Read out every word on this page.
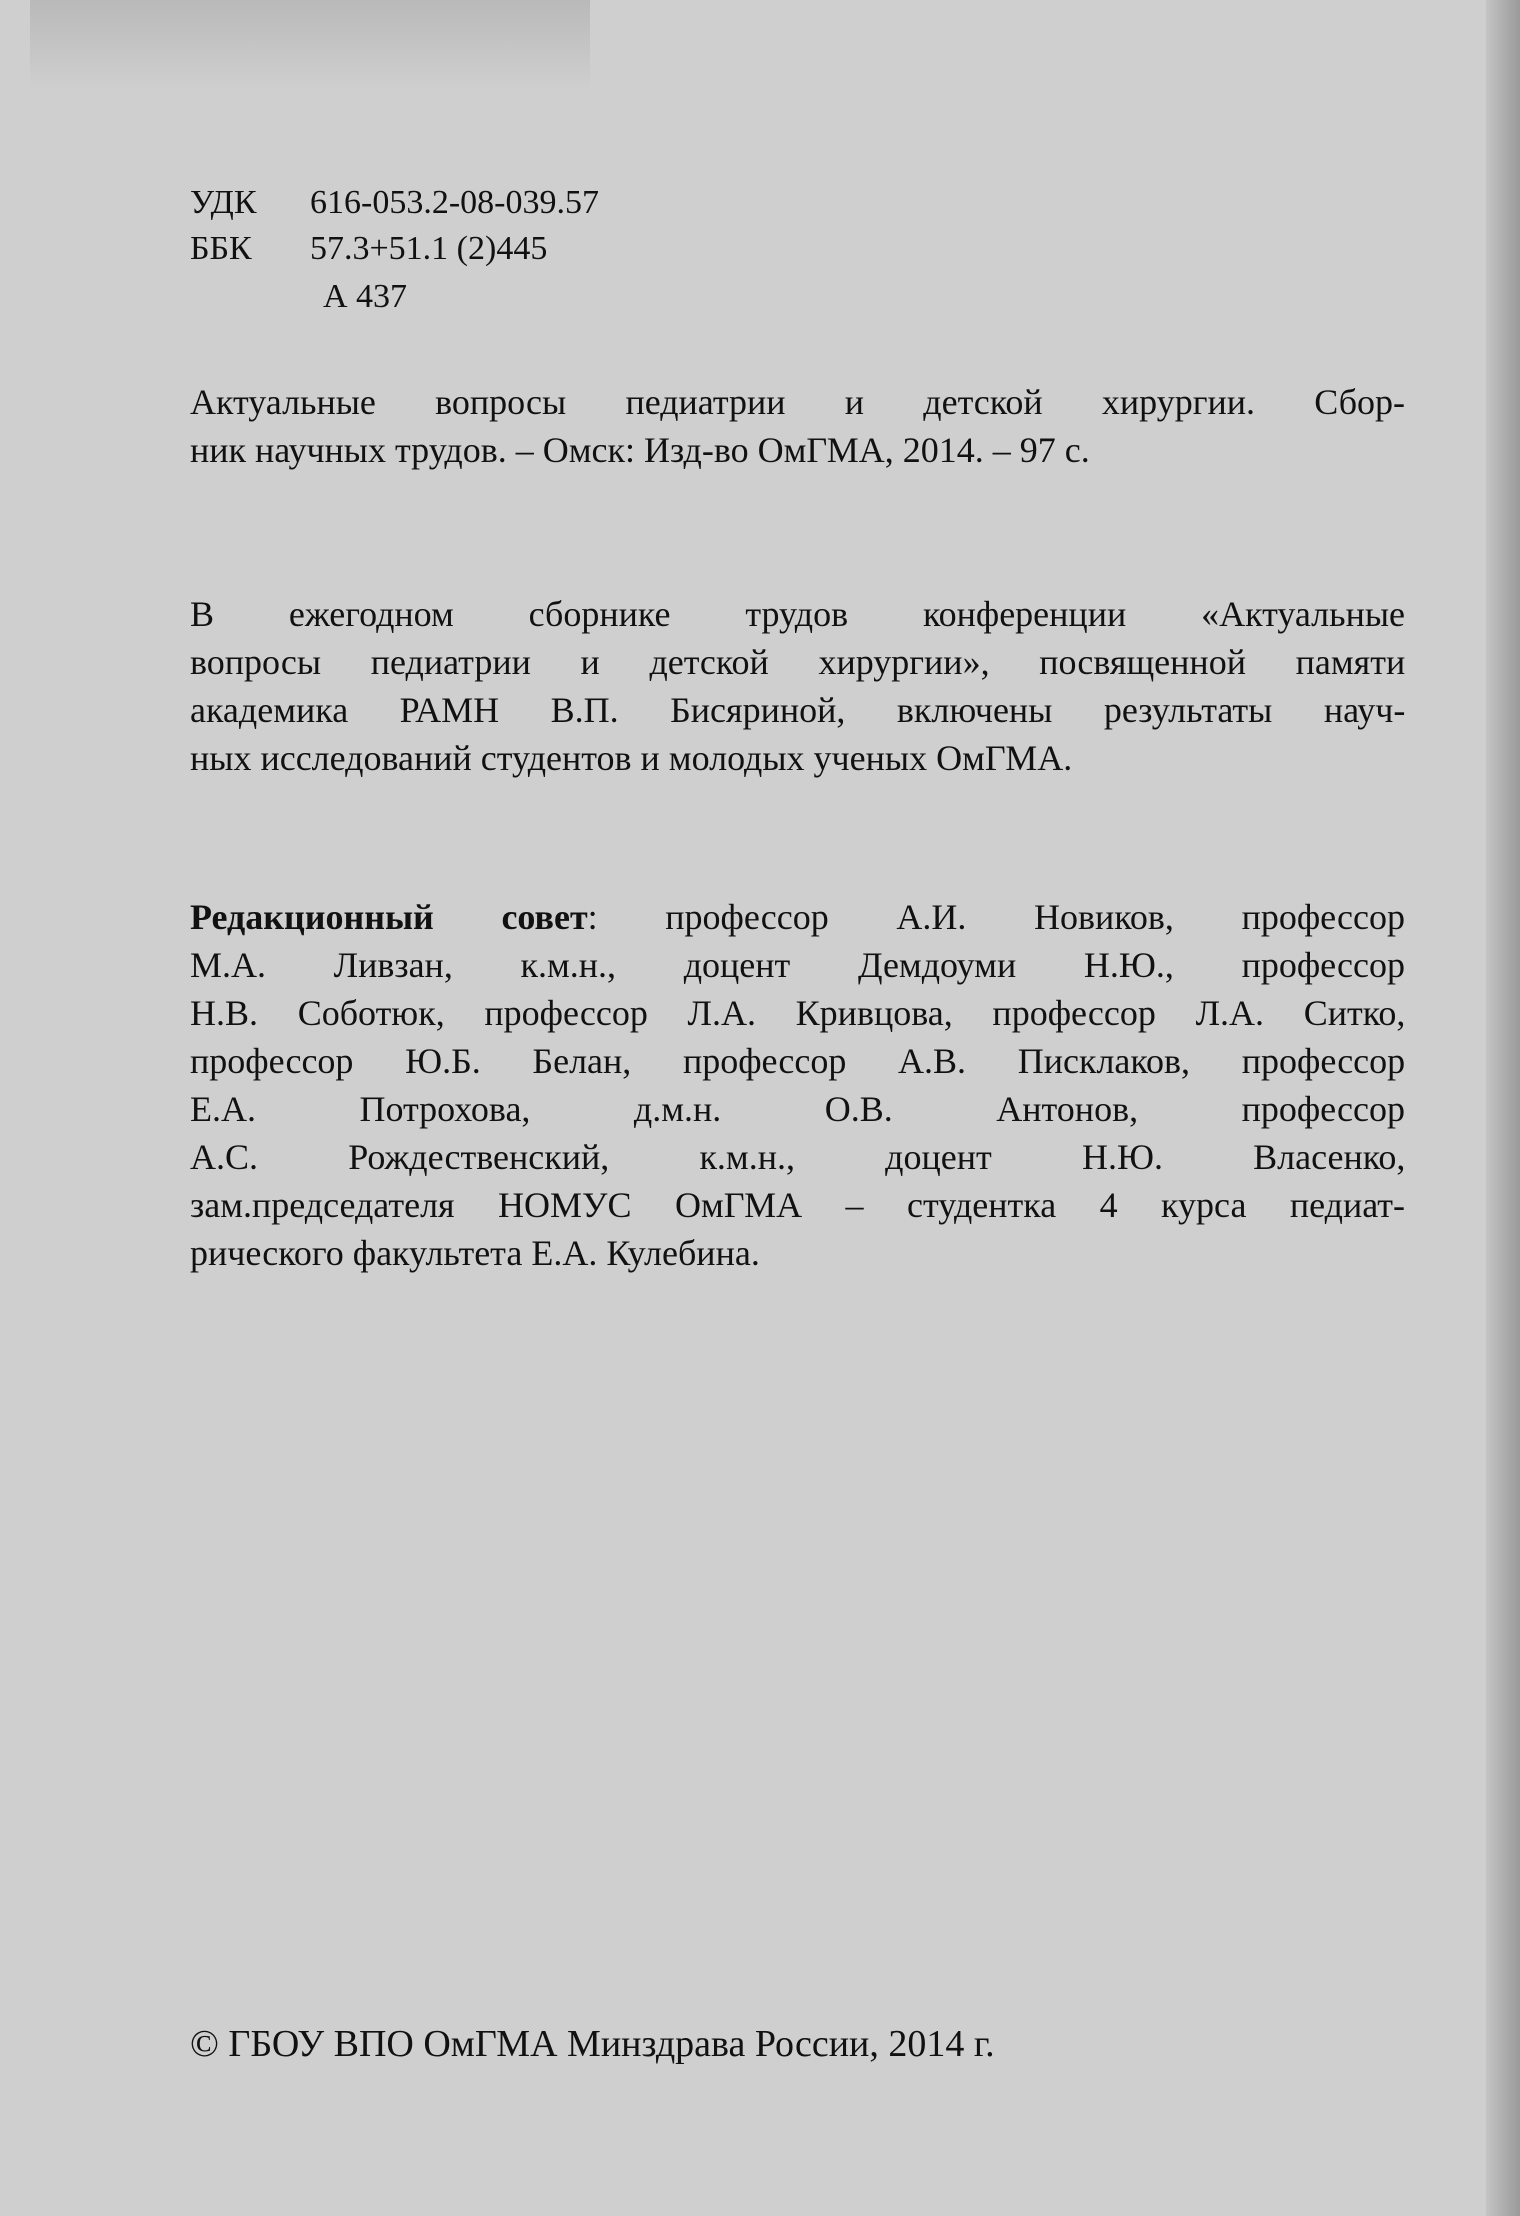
УДК 616-053.2-08-039.57
ББК 57.3+51.1 (2)445
А 437
Актуальные вопросы педиатрии и детской хирургии. Сбор-
ник научных трудов. – Омск: Изд-во ОмГМА, 2014. – 97 с.
В ежегодном сборнике трудов конференции «Актуальные
вопросы педиатрии и детской хирургии», посвященной памяти
академика РАМН В.П. Бисяриной, включены результаты науч-
ных исследований студентов и молодых ученых ОмГМА.
Редакционный совет: профессор А.И. Новиков, профессор
М.А. Ливзан, к.м.н., доцент Демдоуми Н.Ю., профессор
Н.В. Соботюк, профессор Л.А. Кривцова, профессор Л.А. Ситко,
профессор Ю.Б. Белан, профессор А.В. Писклаков, профессор
Е.А. Потрохова, д.м.н. О.В. Антонов, профессор
А.С. Рождественский, к.м.н., доцент Н.Ю. Власенко,
зам.председателя НОМУС ОмГМА – студентка 4 курса педиат-
рического факультета Е.А. Кулебина.
© ГБОУ ВПО ОмГМА Минздрава России, 2014 г.
